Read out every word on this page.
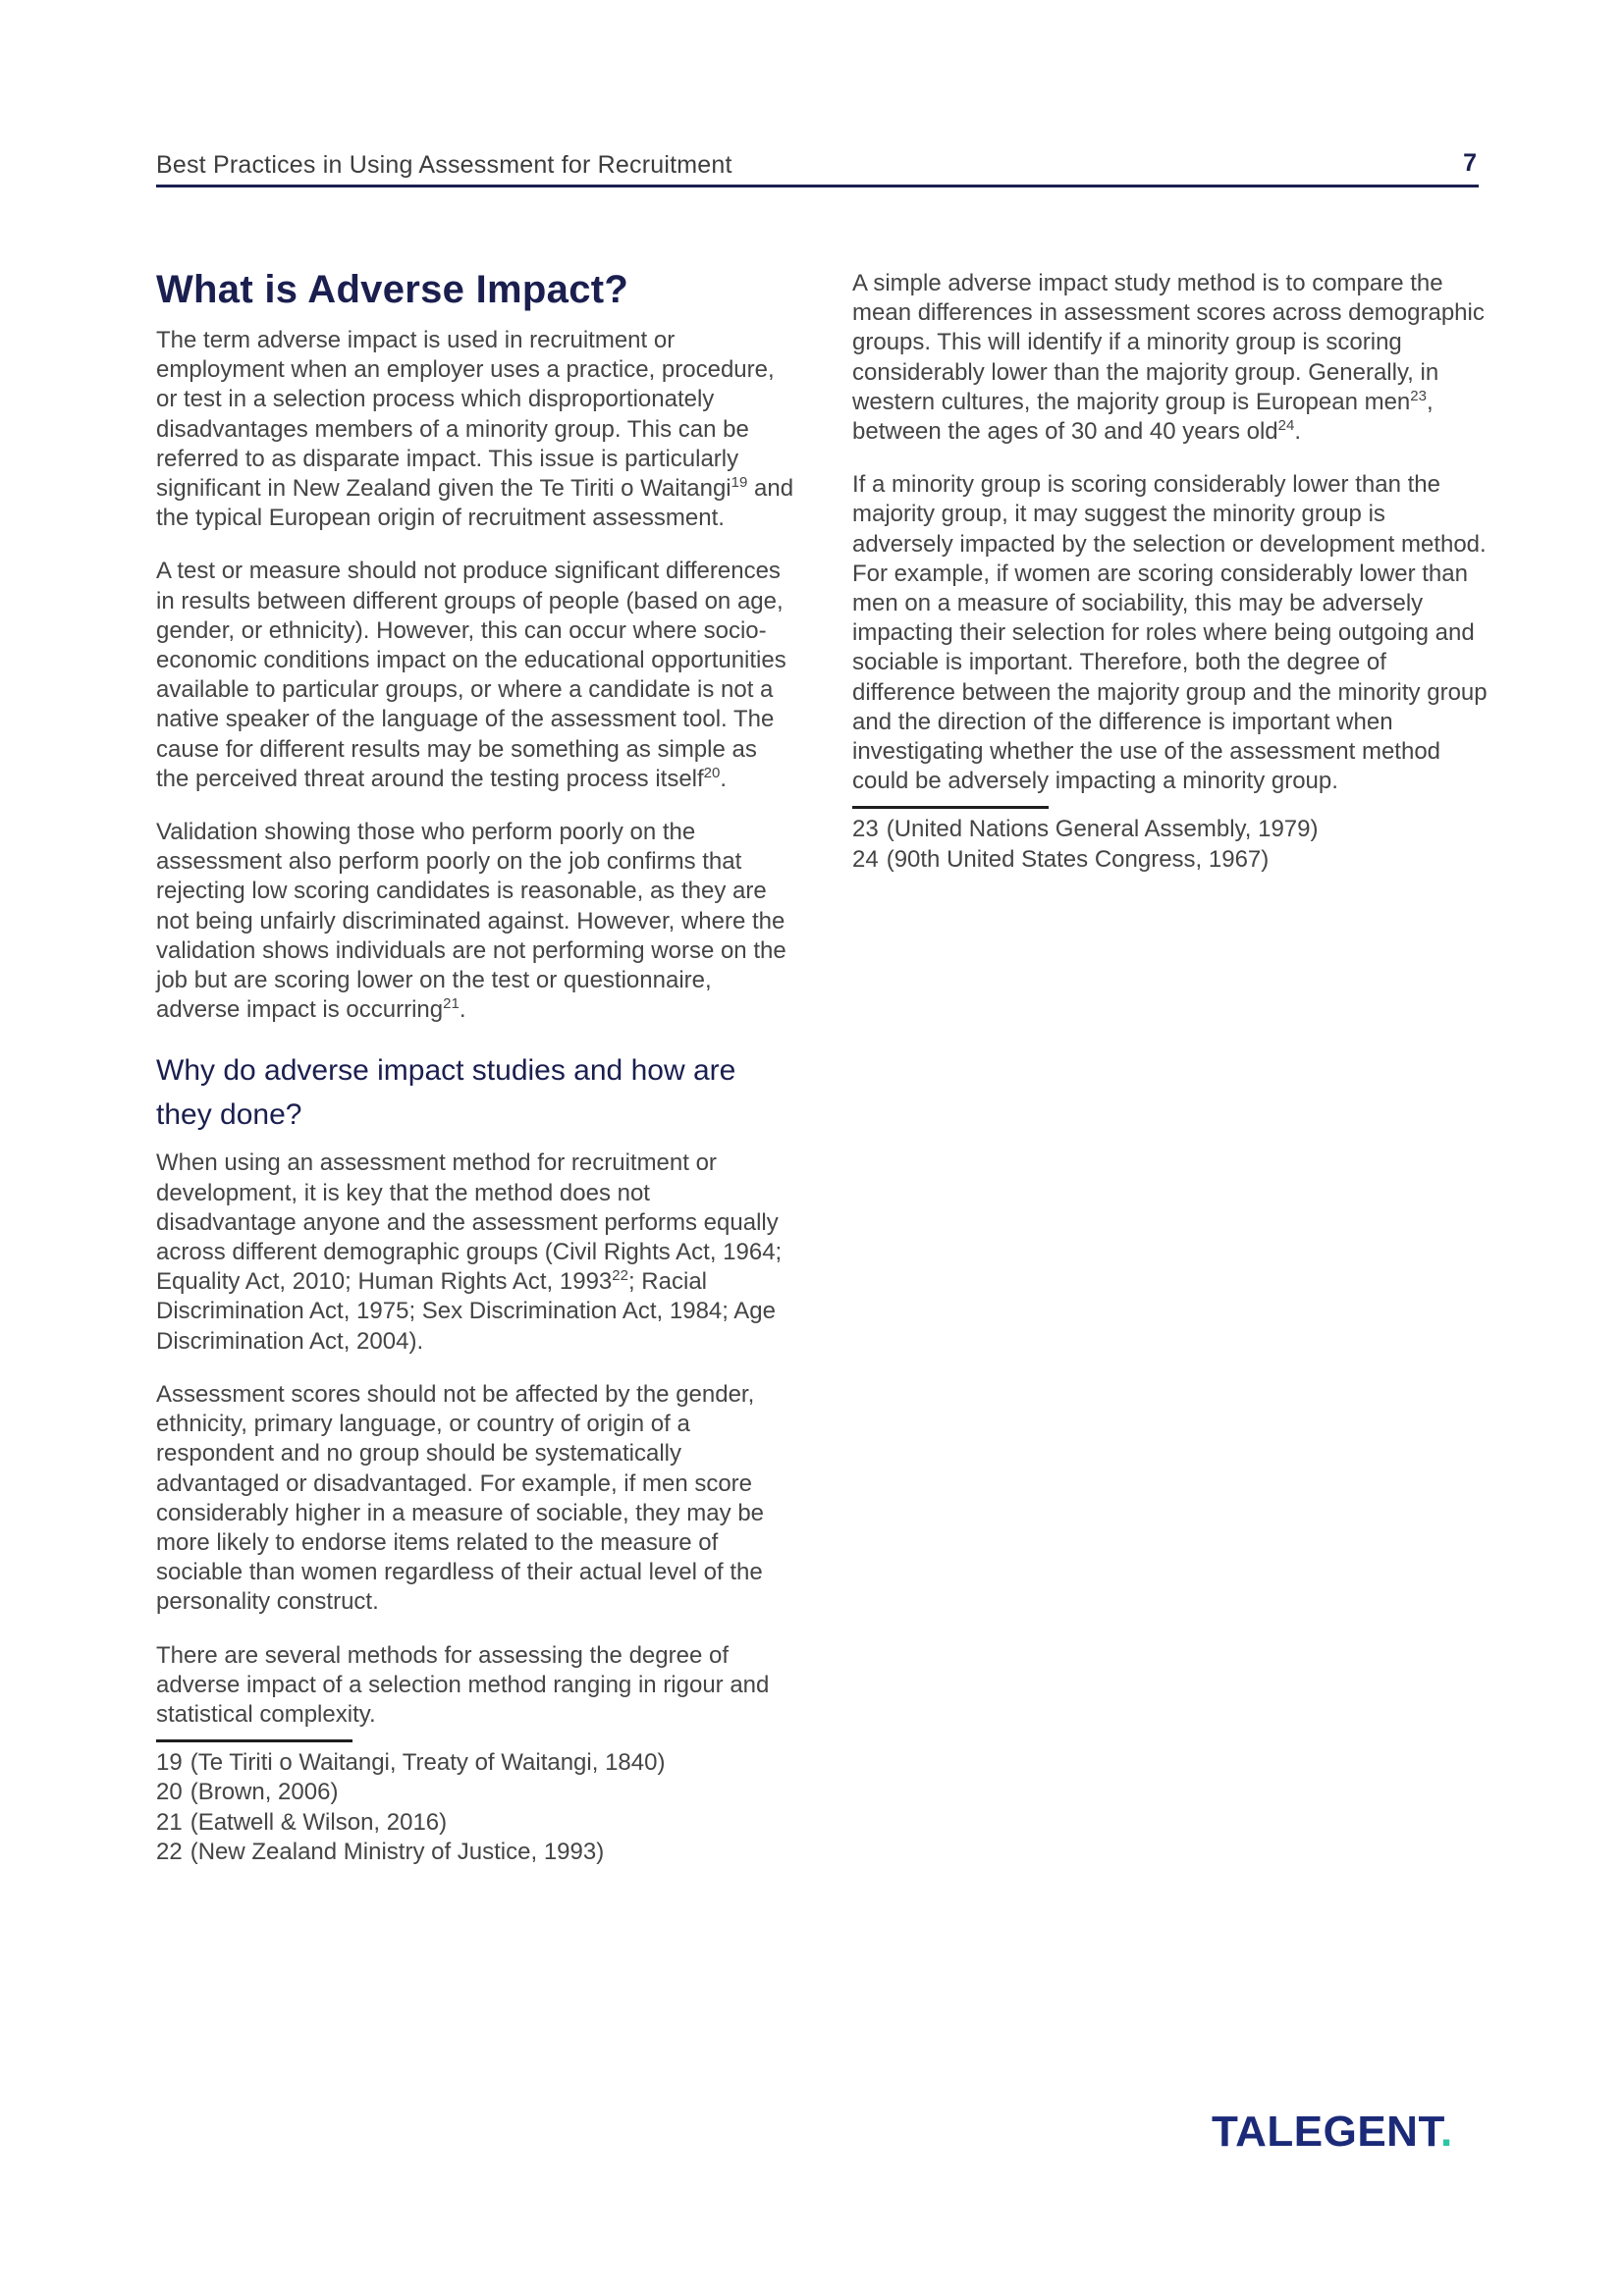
Best Practices in Using Assessment for Recruitment	7
What is Adverse Impact?

The term adverse impact is used in recruitment or employment when an employer uses a practice, procedure, or test in a selection process which disproportionately disadvantages members of a minority group. This can be referred to as disparate impact. This issue is particularly significant in New Zealand given the Te Tiriti o Waitangi$^{19}$ and the typical European origin of recruitment assessment.

A test or measure should not produce significant differences in results between different groups of people (based on age, gender, or ethnicity). However, this can occur where socio-economic conditions impact on the educational opportunities available to particular groups, or where a candidate is not a native speaker of the language of the assessment tool. The cause for different results may be something as simple as the perceived threat around the testing process itself$^{20}$.

Validation showing those who perform poorly on the assessment also perform poorly on the job confirms that rejecting low scoring candidates is reasonable, as they are not being unfairly discriminated against. However, where the validation shows individuals are not performing worse on the job but are scoring lower on the test or questionnaire, adverse impact is occurring$^{21}$.

Why do adverse impact studies and how are they done?

When using an assessment method for recruitment or development, it is key that the method does not disadvantage anyone and the assessment performs equally across different demographic groups (Civil Rights Act, 1964; Equality Act, 2010; Human Rights Act, 1993$^{22}$; Racial Discrimination Act, 1975; Sex Discrimination Act, 1984; Age Discrimination Act, 2004).

Assessment scores should not be affected by the gender, ethnicity, primary language, or country of origin of a respondent and no group should be systematically advantaged or disadvantaged. For example, if men score considerably higher in a measure of sociable, they may be more likely to endorse items related to the measure of sociable than women regardless of their actual level of the personality construct.

There are several methods for assessing the degree of adverse impact of a selection method ranging in rigour and statistical complexity.

19 (Te Tiriti o Waitangi, Treaty of Waitangi, 1840)
20 (Brown, 2006)
21 (Eatwell & Wilson, 2016)
22 (New Zealand Ministry of Justice, 1993)

A simple adverse impact study method is to compare the mean differences in assessment scores across demographic groups. This will identify if a minority group is scoring considerably lower than the majority group. Generally, in western cultures, the majority group is European men$^{23}$, between the ages of 30 and 40 years old$^{24}$.

If a minority group is scoring considerably lower than the majority group, it may suggest the minority group is adversely impacted by the selection or development method. For example, if women are scoring considerably lower than men on a measure of sociability, this may be adversely impacting their selection for roles where being outgoing and sociable is important. Therefore, both the degree of difference between the majority group and the minority group and the direction of the difference is important when investigating whether the use of the assessment method could be adversely impacting a minority group.

23 (United Nations General Assembly, 1979)
24 (90th United States Congress, 1967)
TALEGENT.
